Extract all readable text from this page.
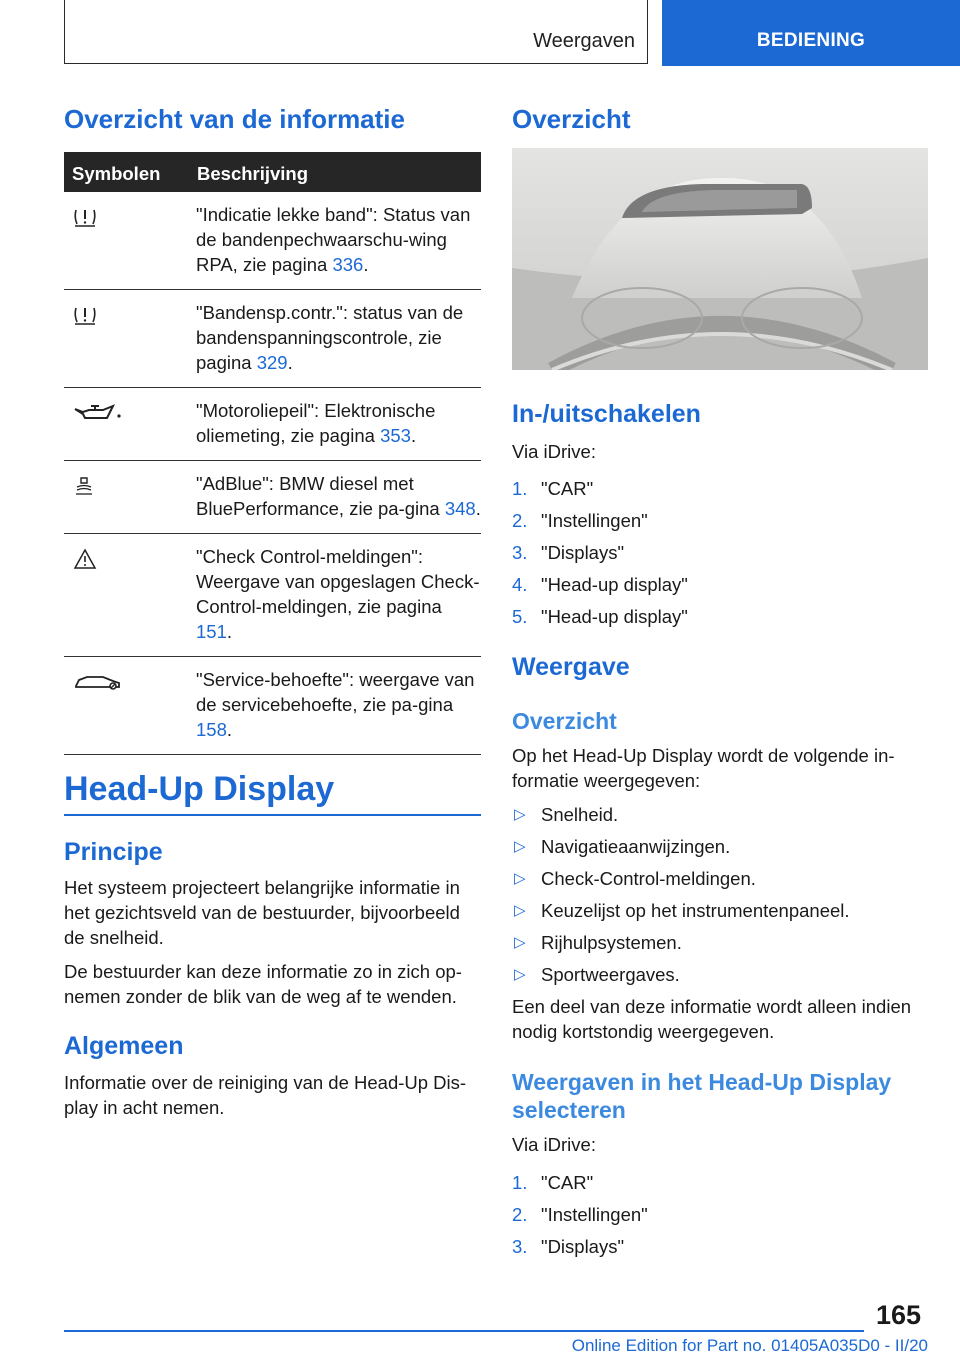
Weergaven	BEDIENING
Overzicht van de informatie
Symbolen Beschrijving
"Indicatie lekke band": Status van de bandenpechwaarschu-wing RPA, zie pagina 336.
"Bandensp.contr.": status van de bandenspanningscontrole, zie pagina 329.
"Motoroliepeil": Elektronische oliemeting, zie pagina 353.
"AdBlue": BMW diesel met BluePerformance, zie pa-gina 348.
"Check Control-meldingen": Weergave van opgeslagen Check-Control-meldingen, zie pagina 151.
"Service-behoefte": weergave van de servicebehoefte, zie pa-gina 158.
Head-Up Display
Principe
Het systeem projecteert belangrijke informatie in het gezichtsveld van de bestuurder, bijvoorbeeld de snelheid.
De bestuurder kan deze informatie zo in zich op-nemen zonder de blik van de weg af te wenden.
Algemeen
Informatie over de reiniging van de Head-Up Dis-play in acht nemen.
Overzicht
In-/uitschakelen
Via iDrive:
1. "CAR"
2. "Instellingen"
3. "Displays"
4. "Head-up display"
5. "Head-up display"
Weergave
Overzicht
Op het Head-Up Display wordt de volgende in-formatie weergegeven:
▷ Snelheid.
▷ Navigatieaanwijzingen.
▷ Check-Control-meldingen.
▷ Keuzelijst op het instrumentenpaneel.
▷ Rijhulpsystemen.
▷ Sportweergaves.
Een deel van deze informatie wordt alleen indien nodig kortstondig weergegeven.
Weergaven in het Head-Up Display selecteren
Via iDrive:
1. "CAR"
2. "Instellingen"
3. "Displays"
165
Online Edition for Part no. 01405A035D0 - II/20
